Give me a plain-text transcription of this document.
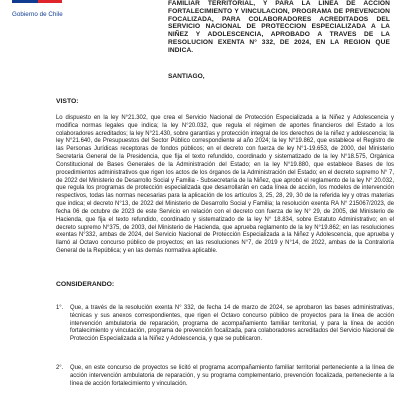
Gobierno de Chile
FAMILIAR TERRITORIAL, Y PARA LA LINEA DE ACCION FORTALECIMIENTO Y VINCULACION, PROGRAMA DE PREVENCION FOCALIZADA, PARA COLABORADORES ACREDITADOS DEL SERVICIO NACIONAL DE PROTECCION ESPECIALIZADA A LA NIÑEZ Y ADOLESCENCIA, APROBADO A TRAVES DE LA RESOLUCION EXENTA N° 332, DE 2024, EN LA REGION QUE INDICA.
SANTIAGO,
VISTO:
Lo dispuesto en la ley N°21.302, que crea el Servicio Nacional de Protección Especializada a la Niñez y Adolescencia y modifica normas legales que indica; la ley N°20.032, que regula el régimen de aportes financieros del Estado a los colaboradores acreditados; la ley N°21.430, sobre garantías y protección integral de los derechos de la niñez y adolescencia; la ley N°21.640, de Presupuestos del Sector Público correspondiente al año 2024; la ley N°19.862, que establece el Registro de las Personas Jurídicas receptoras de fondos públicos; en el decreto con fuerza de ley N°1-19.653, de 2000, del Ministerio Secretaría General de la Presidencia, que fija el texto refundido, coordinado y sistematizado de la ley N°18.575, Orgánica Constitucional de Bases Generales de la Administración del Estado; en la ley N°19.880, que establece Bases de los procedimientos administrativos que rigen los actos de los órganos de la Administración del Estado; en el decreto supremo N° 7, de 2022 del Ministerio de Desarrollo Social y Familia - Subsecretaría de la Niñez, que aprobó el reglamento de la ley N° 20.032, que regula los programas de protección especializada que desarrollarán en cada línea de acción, los modelos de intervención respectivos, todas las normas necesarias para la aplicación de los artículos 3, 25, 28, 29, 30 de la referida ley y otras materias que indica; el decreto N°13, de 2022 del Ministerio de Desarrollo Social y Familia; la resolución exenta RA N° 215067/2023, de fecha 06 de octubre de 2023 de este Servicio en relación con el decreto con fuerza de ley N° 29, de 2005, del Ministerio de Hacienda, que fija el texto refundido, coordinado y sistematizado de la ley N° 18.834, sobre Estatuto Administrativo; en el decreto supremo N°375, de 2003, del Ministerio de Hacienda, que aprueba reglamento de la ley N°19.862; en las resoluciones exentas N°332, ambas de 2024, del Servicio Nacional de Protección Especializada a la Niñez y Adolescencia, que aprueba y llamó al Octavo concurso público de proyectos; en las resoluciones N°7, de 2019 y N°14, de 2022, ambas de la Contraloría General de la República; y en las demás normativa aplicable.
CONSIDERANDO:
1°.	Que, a través de la resolución exenta N° 332, de fecha 14 de marzo de 2024, se aprobaron las bases administrativas, técnicas y sus anexos correspondientes, que rigen el Octavo concurso público de proyectos para la línea de acción intervención ambulatoria de reparación, programa de acompañamiento familiar territorial, y para la línea de acción fortalecimiento y vinculación, programa de prevención focalizada, para colaboradores acreditados del Servicio Nacional de Protección Especializada a la Niñez y Adolescencia, y que se publicaron.
2°.	Que, en este concurso de proyectos se licitó el programa acompañamiento familiar territorial perteneciente a la línea de acción intervención ambulatoria de reparación, y su programa complementario, prevención focalizada, perteneciente a la línea de acción fortalecimiento y vinculación.
